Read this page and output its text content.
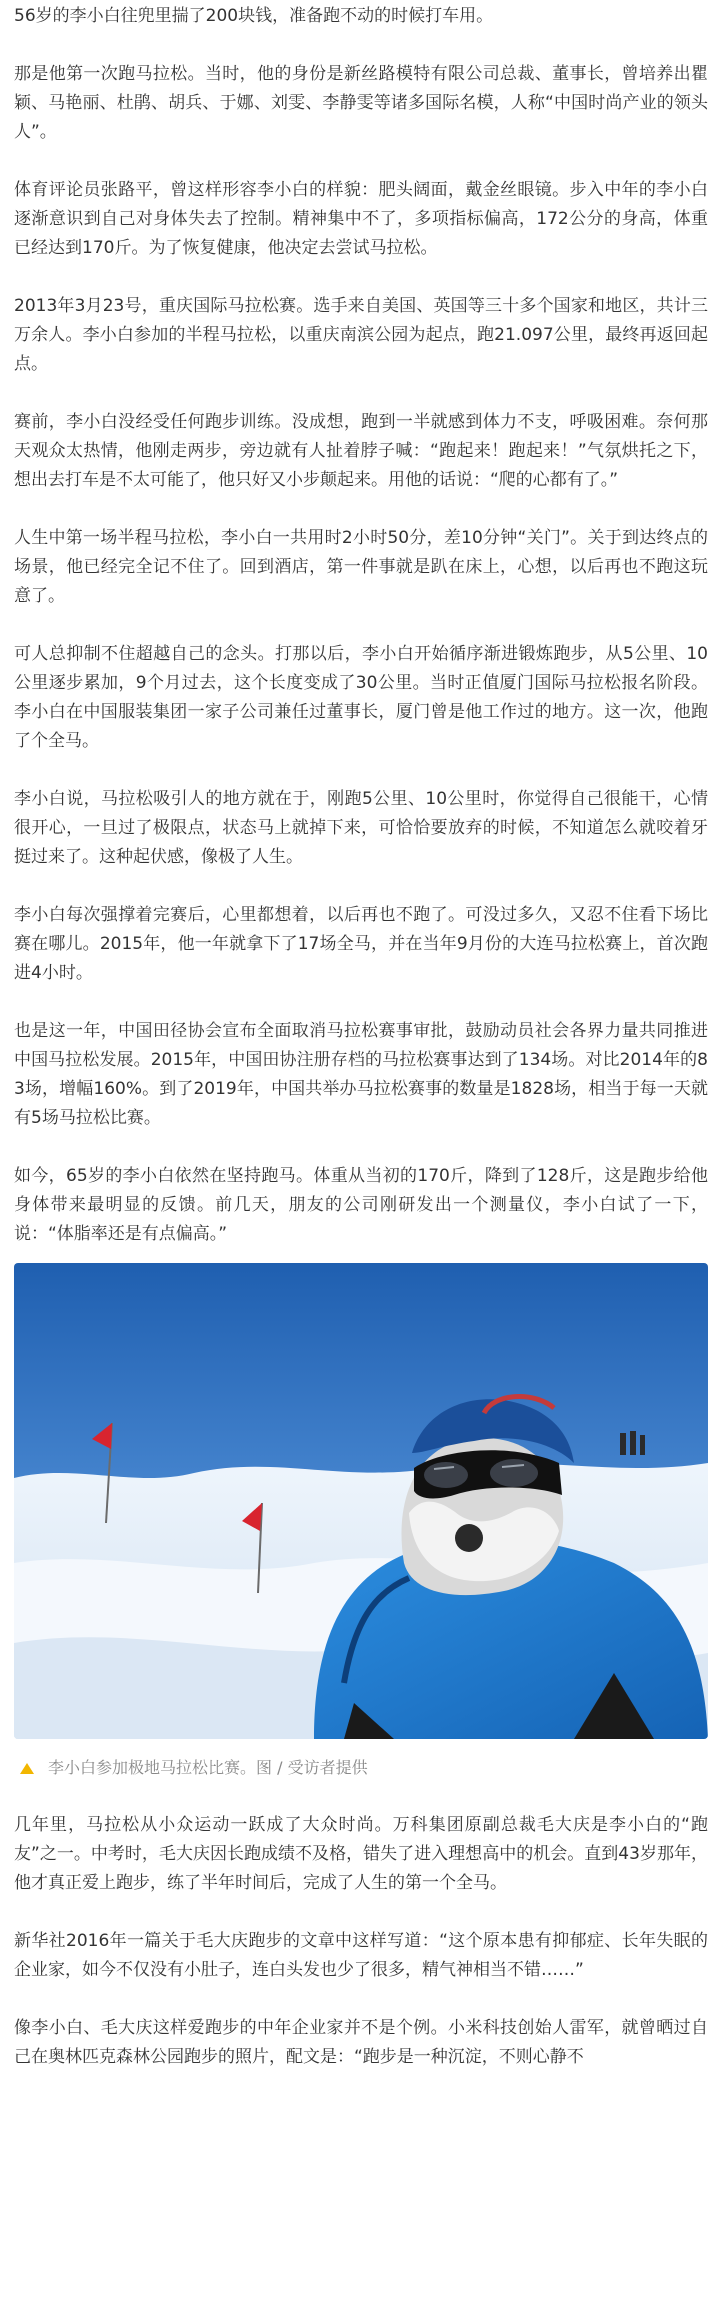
56岁的李小白往兜里揣了200块钱，准备跑不动的时候打车用。

那是他第一次跑马拉松。当时，他的身份是新丝路模特有限公司总裁、董事长，曾培养出瞿颖、马艳丽、杜鹃、胡兵、于娜、刘雯、李静雯等诸多国际名模，人称“中国时尚产业的领头人”。

体育评论员张路平，曾这样形容李小白的样貌：肥头阔面，戴金丝眼镜。步入中年的李小白逐渐意识到自己对身体失去了控制。精神集中不了，多项指标偏高，172公分的身高，体重已经达到170斤。为了恢复健康，他决定去尝试马拉松。

2013年3月23号，重庆国际马拉松赛。选手来自美国、英国等三十多个国家和地区，共计三万余人。李小白参加的半程马拉松，以重庆南滨公园为起点，跑21.097公里，最终再返回起点。

赛前，李小白没经受任何跑步训练。没成想，跑到一半就感到体力不支，呼吸困难。奈何那天观众太热情，他刚走两步，旁边就有人扯着脖子喊：“跑起来！跑起来！”气氛烘托之下，想出去打车是不太可能了，他只好又小步颠起来。用他的话说：“爬的心都有了。”

人生中第一场半程马拉松，李小白一共用时2小时50分，差10分钟“关门”。关于到达终点的场景，他已经完全记不住了。回到酒店，第一件事就是趴在床上，心想，以后再也不跑这玩意了。

可人总抑制不住超越自己的念头。打那以后，李小白开始循序渐进锻炼跑步，从5公里、10公里逐步累加，9个月过去，这个长度变成了30公里。当时正值厦门国际马拉松报名阶段。李小白在中国服装集团一家子公司兼任过董事长，厦门曾是他工作过的地方。这一次，他跑了个全马。

李小白说，马拉松吸引人的地方就在于，刚跑5公里、10公里时，你觉得自己很能干，心情很开心，一旦过了极限点，状态马上就掉下来，可恰恰要放弃的时候，不知道怎么就咬着牙挺过来了。这种起伏感，像极了人生。

李小白每次强撑着完赛后，心里都想着，以后再也不跑了。可没过多久，又忍不住看下场比赛在哪儿。2015年，他一年就拿下了17场全马，并在当年9月份的大连马拉松赛上，首次跑进4小时。

也是这一年，中国田径协会宣布全面取消马拉松赛事审批，鼓励动员社会各界力量共同推进中国马拉松发展。2015年，中国田协注册存档的马拉松赛事达到了134场。对比2014年的83场，增幅160%。到了2019年，中国共举办马拉松赛事的数量是1828场，相当于每一天就有5场马拉松比赛。

如今，65岁的李小白依然在坚持跑马。体重从当初的170斤，降到了128斤，这是跑步给他身体带来最明显的反馈。前几天，朋友的公司刚研发出一个测量仪，李小白试了一下，说：“体脂率还是有点偏高。”

李小白参加极地马拉松比赛。图 / 受访者提供

几年里，马拉松从小众运动一跃成了大众时尚。万科集团原副总裁毛大庆是李小白的“跑友”之一。中考时，毛大庆因长跑成绩不及格，错失了进入理想高中的机会。直到43岁那年，他才真正爱上跑步，练了半年时间后，完成了人生的第一个全马。

新华社2016年一篇关于毛大庆跑步的文章中这样写道：“这个原本患有抑郁症、长年失眠的企业家，如今不仅没有小肚子，连白头发也少了很多，精气神相当不错……”

像李小白、毛大庆这样爱跑步的中年企业家并不是个例。小米科技创始人雷军，就曾晒过自己在奥林匹克森林公园跑步的照片，配文是：“跑步是一种沉淀，不则心静不
